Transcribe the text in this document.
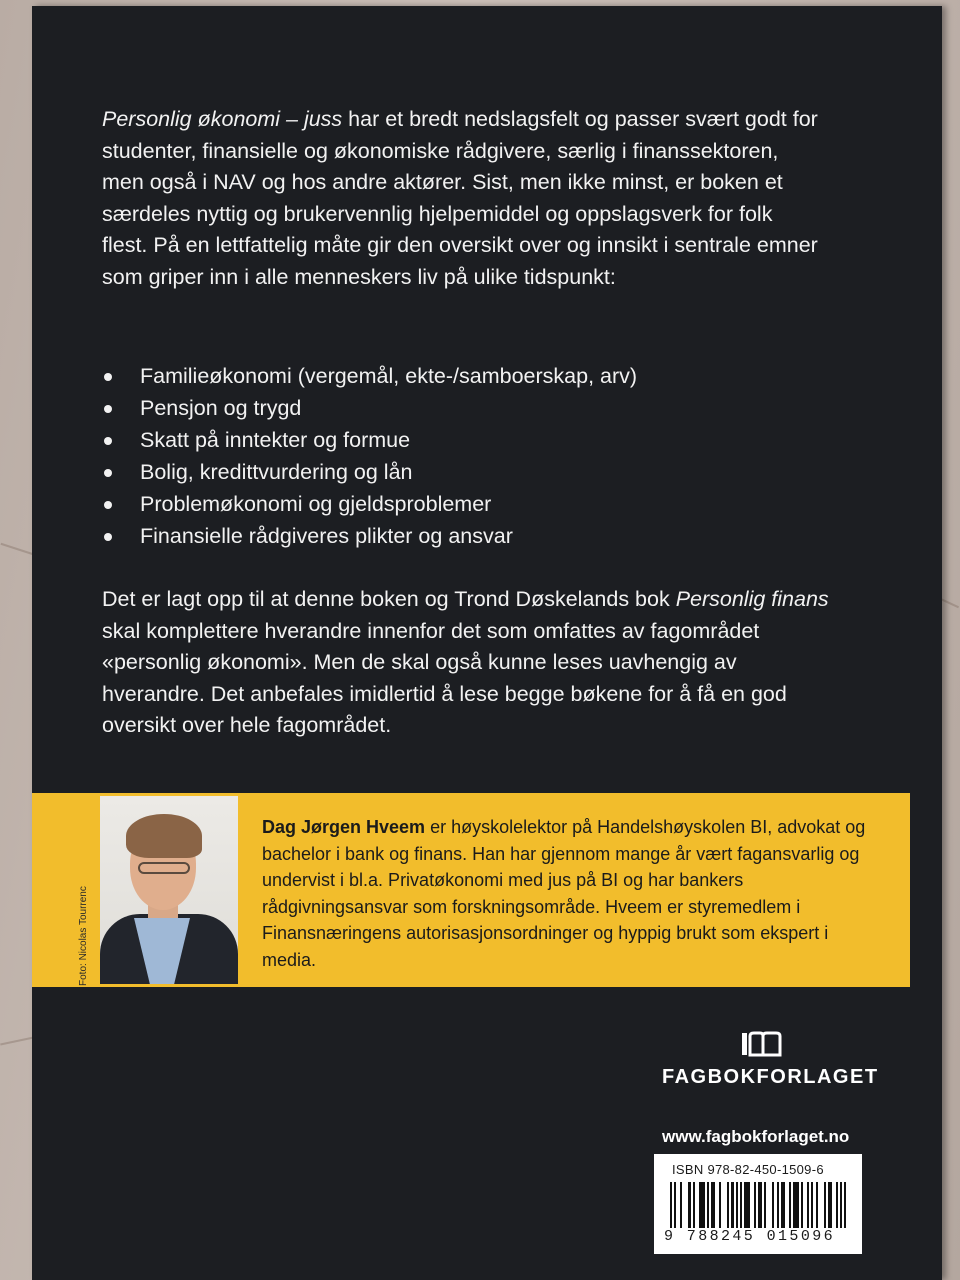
Personlig økonomi – juss har et bredt nedslagsfelt og passer svært godt for studenter, finansielle og økonomiske rådgivere, særlig i finanssektoren, men også i NAV og hos andre aktører. Sist, men ikke minst, er boken et særdeles nyttig og brukervennlig hjelpemiddel og oppslagsverk for folk flest. På en lettfattelig måte gir den oversikt over og innsikt i sentrale emner som griper inn i alle menneskers liv på ulike tidspunkt:

Familieøkonomi (vergemål, ekte-/samboerskap, arv)
Pensjon og trygd
Skatt på inntekter og formue
Bolig, kredittvurdering og lån
Problemøkonomi og gjeldsproblemer
Finansielle rådgiveres plikter og ansvar

Det er lagt opp til at denne boken og Trond Døskelands bok Personlig finans skal komplettere hverandre innenfor det som omfattes av fagområdet «personlig økonomi». Men de skal også kunne leses uavhengig av hverandre. Det anbefales imidlertid å lese begge bøkene for å få en god oversikt over hele fagområdet.

Foto: Nicolas Tourrenc

Dag Jørgen Hveem er høyskolelektor på Handelshøyskolen BI, advokat og bachelor i bank og finans. Han har gjennom mange år vært fagansvarlig og undervist i bl.a. Privatøkonomi med jus på BI og har bankers rådgivningsansvar som forskningsområde. Hveem er styremedlem i Finansnæringens autorisasjonsordninger og hyppig brukt som ekspert i media.

FAGBOKFORLAGET
www.fagbokforlaget.no
ISBN 978-82-450-1509-6
9 788245 015096
